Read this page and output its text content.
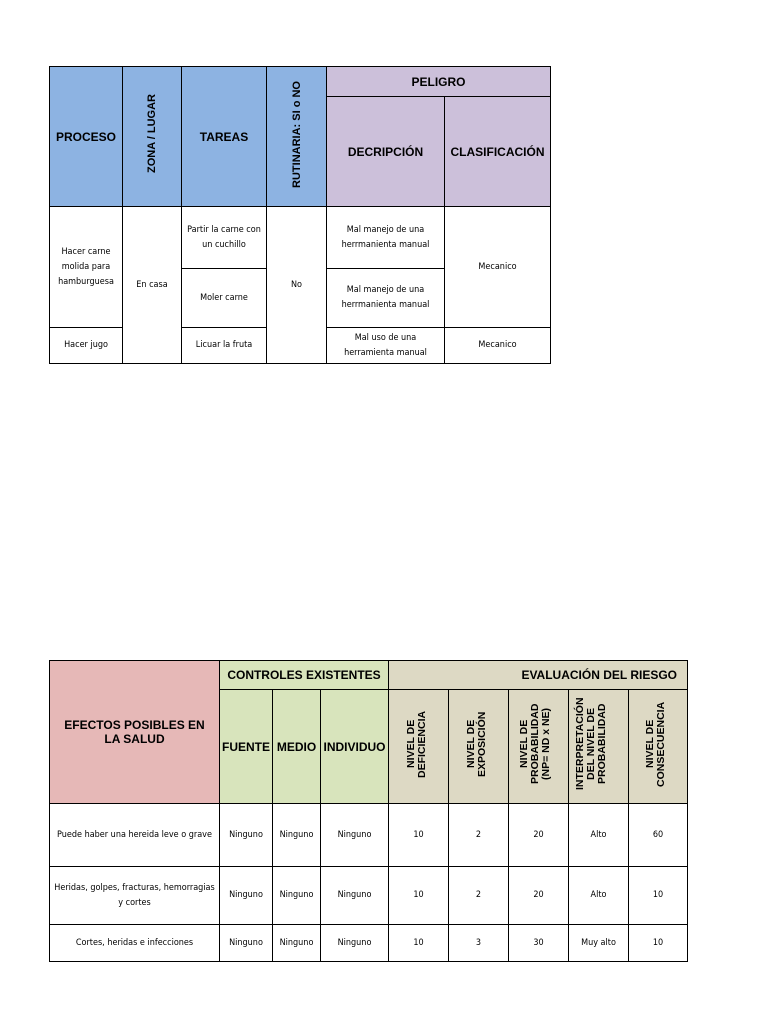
PROCESO	ZONA / LUGAR	TAREAS	RUTINARIA: SI o NO	PELIGRO	
				DECRIPCIÓN	CLASIFICACIÓN
Hacer carne molida para hamburguesa	En casa	Partir la carne con un cuchillo	No	Mal manejo de una herrmanienta manual	Mecanico
		Moler carne		Mal manejo de una herrmanienta manual	
Hacer jugo		Licuar la fruta		Mal uso de una herramienta manual	Mecanico
EFECTOS POSIBLES EN LA SALUD	CONTROLES EXISTENTES			EVALUACIÓN DEL RIESGO				
	FUENTE	MEDIO	INDIVIDUO	NIVEL DE DEFICIENCIA	NIVEL DE EXPOSICIÓN	NIVEL DE PROBABILIDAD (NP= ND x NE)	INTERPRETACIÓN DEL NIVEL DE PROBABILIDAD	NIVEL DE CONSECUENCIA
Puede haber una hereida leve o grave	Ninguno	Ninguno	Ninguno	10	2	20	Alto	60
Heridas, golpes, fracturas, hemorragias y cortes	Ninguno	Ninguno	Ninguno	10	2	20	Alto	10
Cortes, heridas e infecciones	Ninguno	Ninguno	Ninguno	10	3	30	Muy alto	10
